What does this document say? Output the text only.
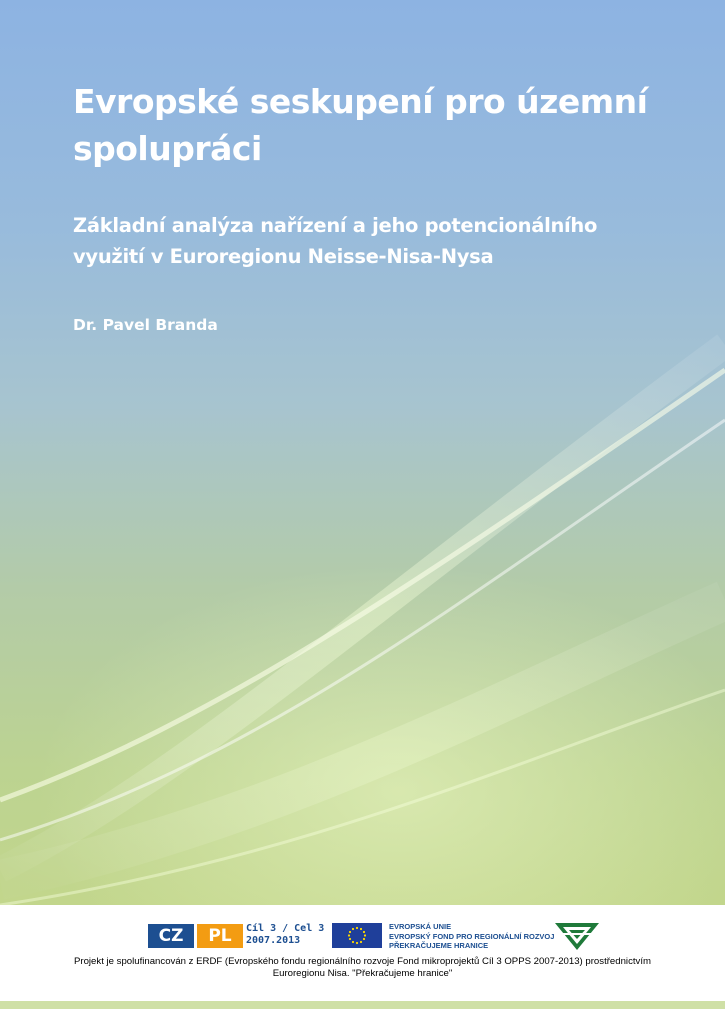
Evropské seskupení pro územní spolupráci
Základní analýza nařízení a jeho potencionálního využití v Euroregionu Neisse-Nisa-Nysa

Dr. Pavel Branda

CZ	PL	Cíl 3 / Cel 3
2007.2013
EVROPSKÁ UNIE
EVROPSKÝ FOND PRO REGIONÁLNÍ ROZVOJ
PŘEKRAČUJEME HRANICE

Projekt je spolufinancován z ERDF (Evropského fondu regionálního rozvoje Fond mikroprojektů Cíl 3 OPPS 2007-2013) prostřednictvím
Euroregionu Nisa. "Překračujeme hranice"
